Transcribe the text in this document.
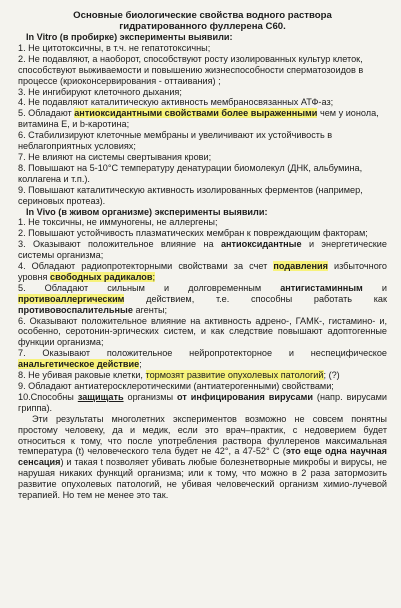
Основные биологические свойства водного раствора
гидратированного фуллерена С60.
In Vitro (в пробирке) эксперименты выявили:
1. Не цитотоксичны, в т.ч. не гепатотоксичны;
2. Не подавляют, а наоборот, способствуют росту изолированных культур клеток, способствуют выживаемости и повышению жизнеспособности сперматозоидов в процессе (криоконсервирования - оттаивания) ;
3. Не ингибируют клеточного дыхания;
4. Не подавляют каталитическую активность мембраносвязанных АТФ-аз;
5. Обладают антиоксидантными свойствами более выраженными чем у ионола, витамина Е, и b-каротина;
6. Стабилизируют клеточные мембраны и увеличивают их устойчивость в неблагоприятных условиях;
7. Не влияют на системы свертывания крови;
8. Повышают на 5-10°С температуру денатурации биомолекул (ДНК, альбумина, коллагена и т.п.).
9. Повышают каталитическую активность изолированных ферментов (например, сериновых протеаз).
In Vivo (в живом организме) эксперименты выявили:
1. Не токсичны, не иммуногены, не аллергены;
2. Повышают устойчивость плазматических мембран к повреждающим факторам;
3. Оказывают положительное влияние на антиоксидантные и энергетические системы организма;
4. Обладают радиопротекторными свойствами за счет подавления избыточного уровня свободных радикалов;
5. Обладают сильным и долговременным антигистаминным и противоаллергическим действием, т.е. способны работать как противовоспалительные агенты;
6. Оказывают положительное влияние на активность адрено-, ГАМК-, гистамино- и, особенно, серотонин-эргических систем, и как следствие повышают адоптогенные функции организма;
7. Оказывают положительное нейропротекторное и неспецифическое анальгетическое действие;
8. Не убивая раковые клетки, тормозят развитие опухолевых патологий; (?)
9. Обладают антиатеросклеротическими (антиатерогенными) свойствами;
10.Способны защищать организмы от инфицирования вирусами (напр. вирусами гриппа).
Эти результаты многолетних экспериментов возможно не совсем понятны простому человеку, да и медик, если это врач–практик, с недоверием будет относиться к тому, что после употребления раствора фуллеренов максимальная температура (t) человеческого тела будет не 42°, а 47-52° С (это еще одна научная сенсация) и такая t позволяет убивать любые болезнетворные микробы и вирусы, не нарушая никаких функций организма; или к тому, что можно в 2 раза затормозить развитие опухолевых патологий, не убивая человеческий организм химио-лучевой терапией. Но тем не менее это так.
